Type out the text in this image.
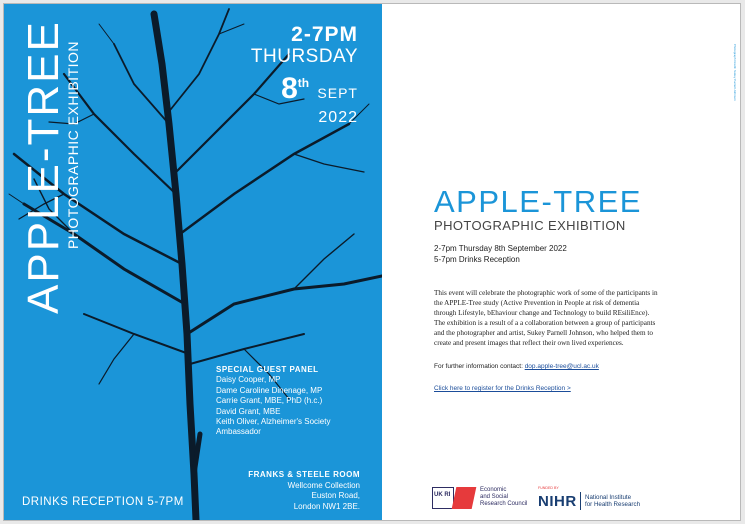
APPLE-TREE
PHOTOGRAPHIC EXHIBITION
2-7PM
THURSDAY
8th SEPT
2022
SPECIAL GUEST PANEL
Daisy Cooper, MP
Dame Caroline Dinenage, MP
Carrie Grant, MBE, PhD (h.c.)
David Grant, MBE
Keith Oliver, Alzheimer's Society
Ambassador
FRANKS & STEELE ROOM
Wellcome Collection
Euston Road,
London NW1 2BE.
DRINKS RECEPTION 5-7PM
Photograph Credit: Sukey Parnell Johnson
APPLE-TREE
PHOTOGRAPHIC EXHIBITION
2-7pm Thursday 8th September 2022
5-7pm Drinks Reception
This event will celebrate the photographic work of some of the participants in the APPLE-Tree study (Active Prevention in People at risk of dementia through Lifestyle, bEhaviour change and Technology to build REsiliEnce). The exhibition is a result of a a collaboration between a group of participants and the photographer and artist, Sukey Parnell Johnson, who helped them to create and present images that reflect their own lived experiences.
For further information contact: dop.apple-tree@ucl.ac.uk
Click here to register for the Drinks Reception >
UK RI
Economic
and Social
Research Council
FUNDED BY
NIHR National Institute
for Health Research
